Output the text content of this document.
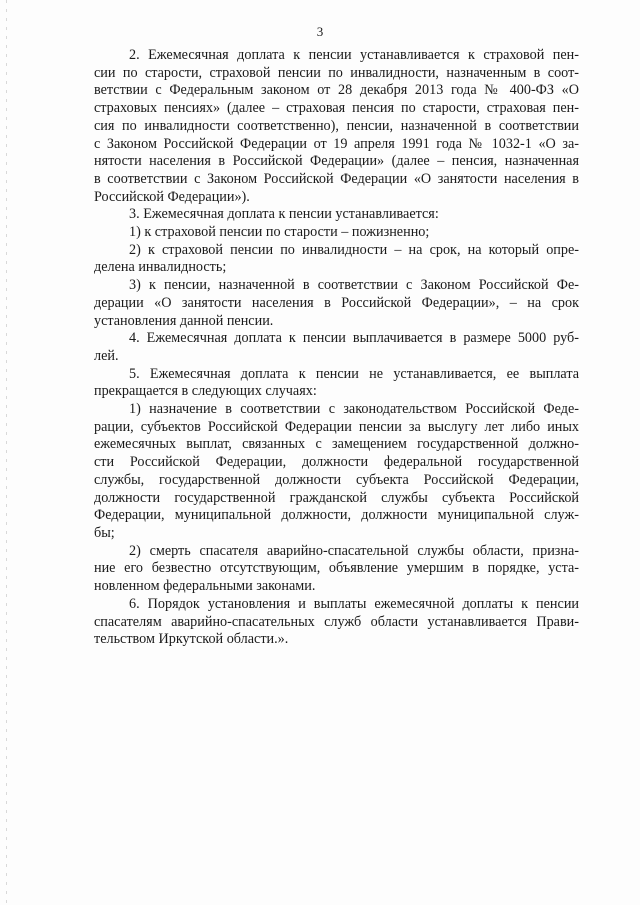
3

2. Ежемесячная доплата к пенсии устанавливается к страховой пен-
сии по старости, страховой пенсии по инвалидности, назначенным в соот-
ветствии с Федеральным законом от 28 декабря 2013 года № 400-ФЗ «О
страховых пенсиях» (далее – страховая пенсия по старости, страховая пен-
сия по инвалидности соответственно), пенсии, назначенной в соответствии
с Законом Российской Федерации от 19 апреля 1991 года № 1032-1 «О за-
нятости населения в Российской Федерации» (далее – пенсия, назначенная
в соответствии с Законом Российской Федерации «О занятости населения в
Российской Федерации»).

3. Ежемесячная доплата к пенсии устанавливается:

1) к страховой пенсии по старости – пожизненно;

2) к страховой пенсии по инвалидности – на срок, на который опре-
делена инвалидность;

3) к пенсии, назначенной в соответствии с Законом Российской Фе-
дерации «О занятости населения в Российской Федерации», – на срок
установления данной пенсии.

4. Ежемесячная доплата к пенсии выплачивается в размере 5000 руб-
лей.

5. Ежемесячная доплата к пенсии не устанавливается, ее выплата
прекращается в следующих случаях:

1) назначение в соответствии с законодательством Российской Феде-
рации, субъектов Российской Федерации пенсии за выслугу лет либо иных
ежемесячных выплат, связанных с замещением государственной должно-
сти Российской Федерации, должности федеральной государственной
службы, государственной должности субъекта Российской Федерации,
должности государственной гражданской службы субъекта Российской
Федерации, муниципальной должности, должности муниципальной служ-
бы;

2) смерть спасателя аварийно-спасательной службы области, призна-
ние его безвестно отсутствующим, объявление умершим в порядке, уста-
новленном федеральными законами.

6. Порядок установления и выплаты ежемесячной доплаты к пенсии
спасателям аварийно-спасательных служб области устанавливается Прави-
тельством Иркутской области.».
